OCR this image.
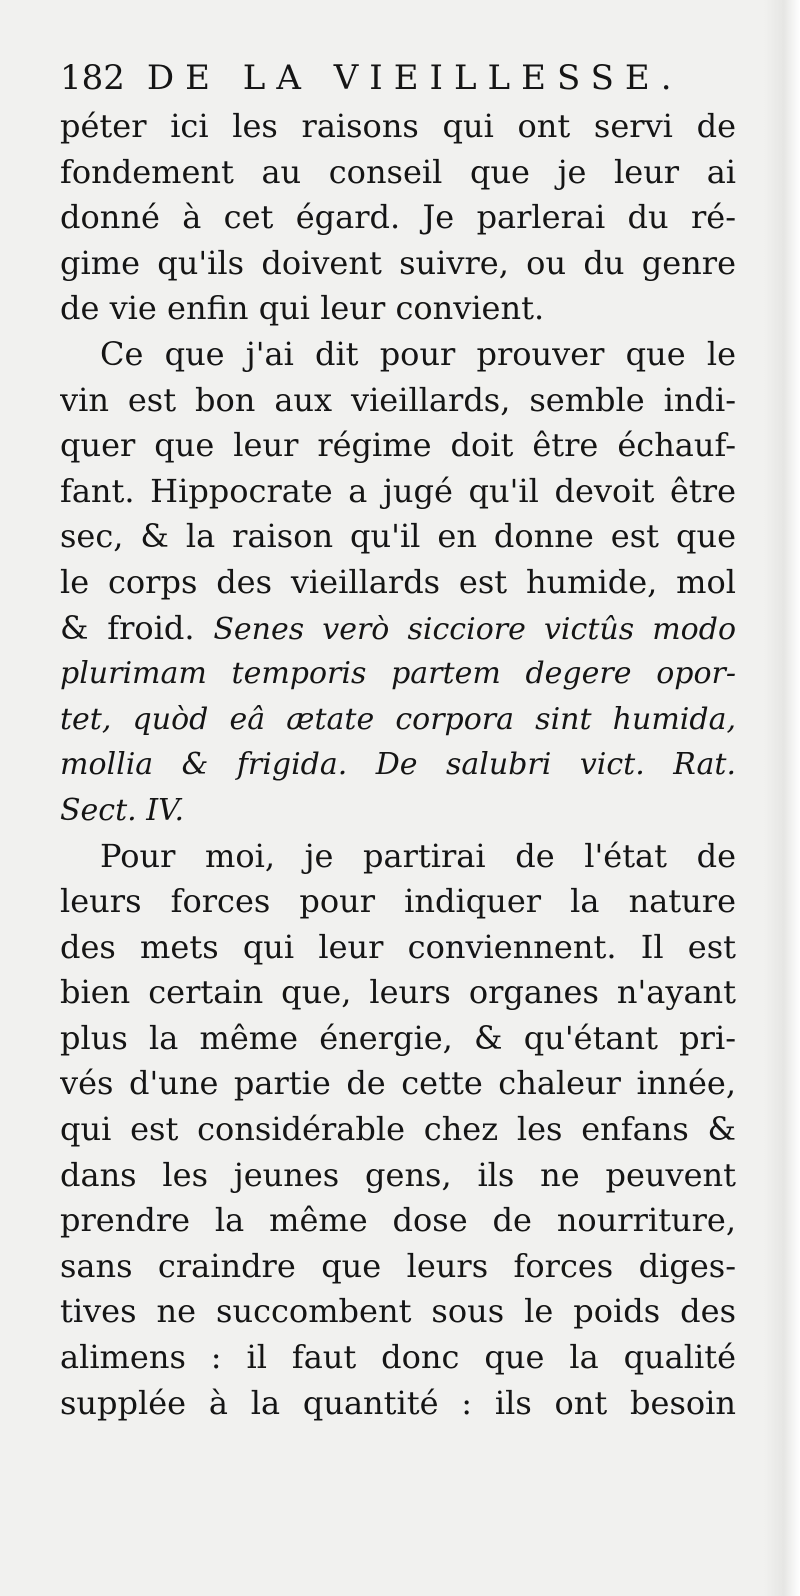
182 DE LA VIEILLESSE.
péter ici les raisons qui ont servi de
fondement au conseil que je leur ai
donné à cet égard. Je parlerai du ré-
gime qu'ils doivent suivre, ou du genre
de vie enfin qui leur convient.
Ce que j'ai dit pour prouver que le
vin est bon aux vieillards, semble indi-
quer que leur régime doit être échauf-
fant. Hippocrate a jugé qu'il devoit être
sec, & la raison qu'il en donne est que
le corps des vieillards est humide, mol
& froid. Senes verò sicciore victûs modo
plurimam temporis partem degere opor-
tet, quòd eâ ætate corpora sint humida,
mollia & frigida. De salubri vict. Rat.
Sect. IV.
Pour moi, je partirai de l'état de
leurs forces pour indiquer la nature
des mets qui leur conviennent. Il est
bien certain que, leurs organes n'ayant
plus la même énergie, & qu'étant pri-
vés d'une partie de cette chaleur innée,
qui est considérable chez les enfans &
dans les jeunes gens, ils ne peuvent
prendre la même dose de nourriture,
sans craindre que leurs forces diges-
tives ne succombent sous le poids des
alimens : il faut donc que la qualité
supplée à la quantité : ils ont besoin
